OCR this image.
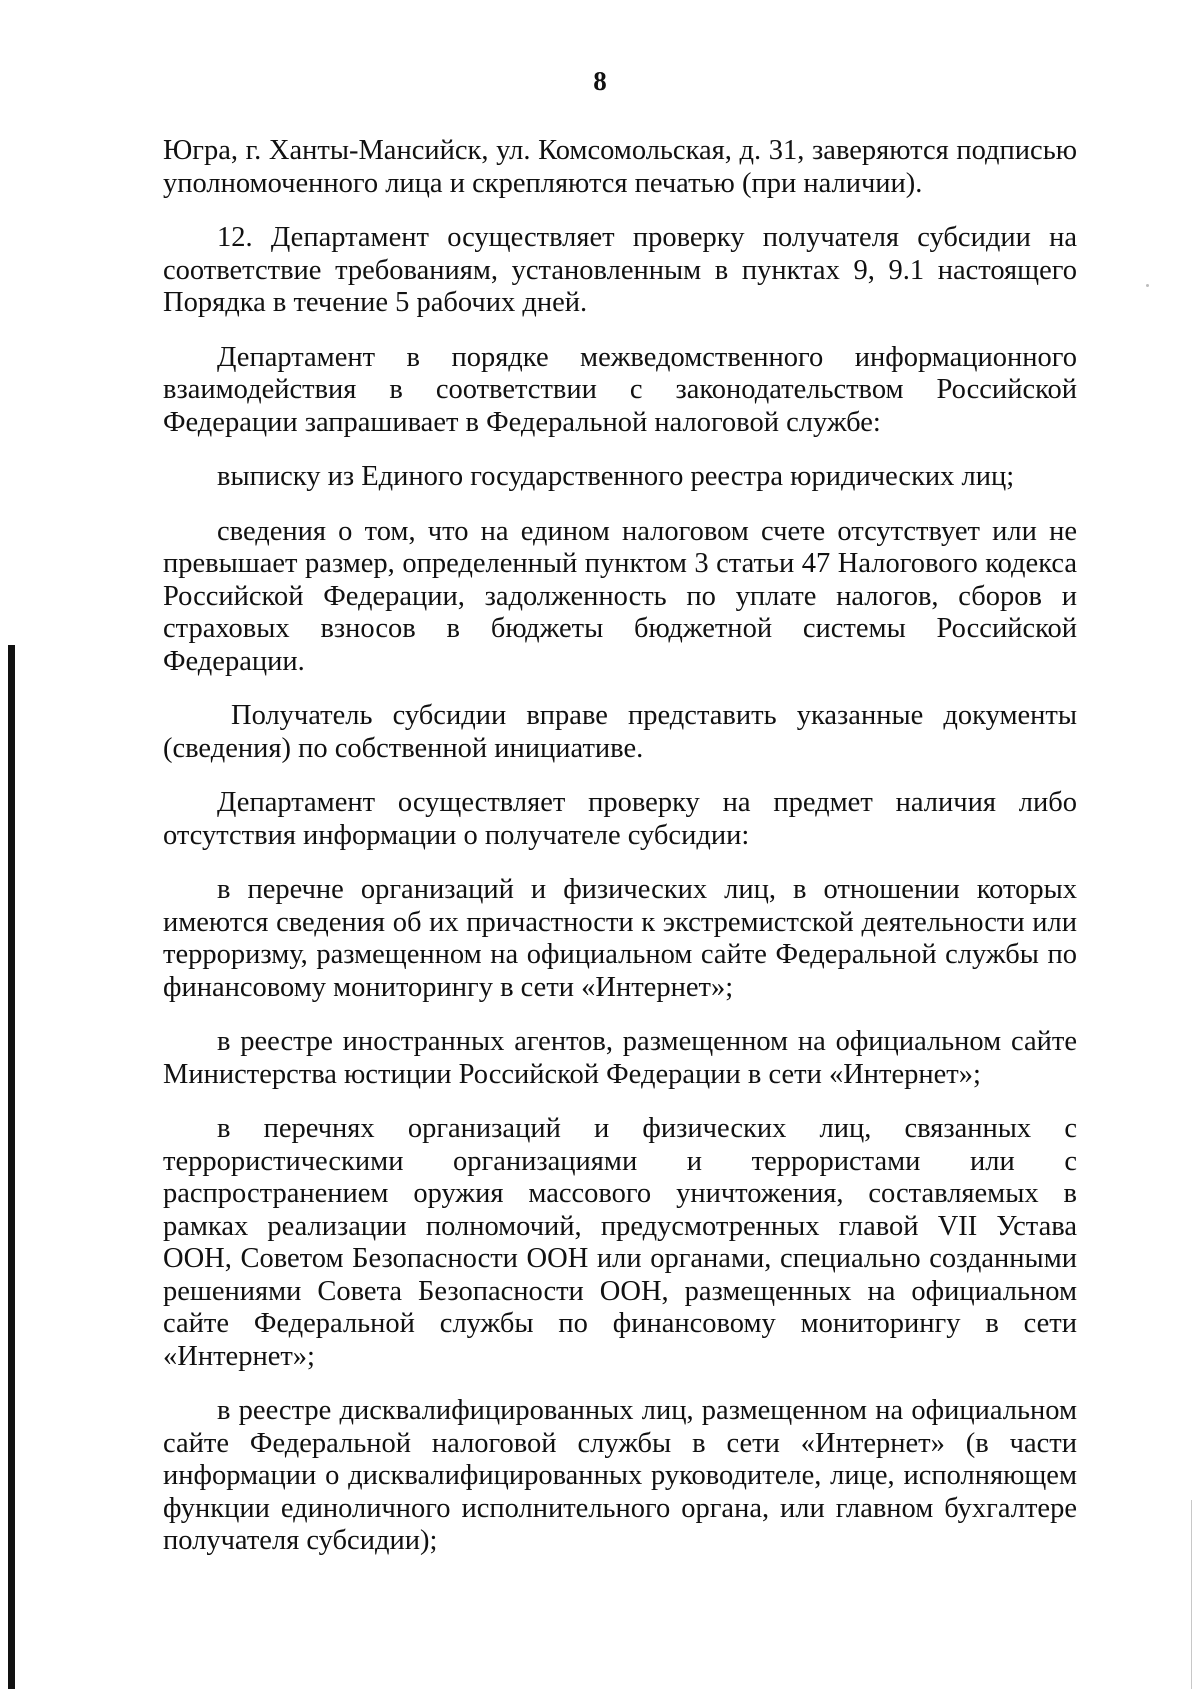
8

Югра, г. Ханты-Мансийск, ул. Комсомольская, д. 31, заверяются подписью уполномоченного лица и скрепляются печатью (при наличии).

12. Департамент осуществляет проверку получателя субсидии на соответствие требованиям, установленным в пунктах 9, 9.1 настоящего Порядка в течение 5 рабочих дней.

Департамент в порядке межведомственного информационного взаимодействия в соответствии с законодательством Российской Федерации запрашивает в Федеральной налоговой службе:

выписку из Единого государственного реестра юридических лиц;

сведения о том, что на едином налоговом счете отсутствует или не превышает размер, определенный пунктом 3 статьи 47 Налогового кодекса Российской Федерации, задолженность по уплате налогов, сборов и страховых взносов в бюджеты бюджетной системы Российской Федерации.

Получатель субсидии вправе представить указанные документы (сведения) по собственной инициативе.

Департамент осуществляет проверку на предмет наличия либо отсутствия информации о получателе субсидии:

в перечне организаций и физических лиц, в отношении которых имеются сведения об их причастности к экстремистской деятельности или терроризму, размещенном на официальном сайте Федеральной службы по финансовому мониторингу в сети «Интернет»;

в реестре иностранных агентов, размещенном на официальном сайте Министерства юстиции Российской Федерации в сети «Интернет»;

в перечнях организаций и физических лиц, связанных с террористическими организациями и террористами или с распространением оружия массового уничтожения, составляемых в рамках реализации полномочий, предусмотренных главой VII Устава ООН, Советом Безопасности ООН или органами, специально созданными решениями Совета Безопасности ООН, размещенных на официальном сайте Федеральной службы по финансовому мониторингу в сети «Интернет»;

в реестре дисквалифицированных лиц, размещенном на официальном сайте Федеральной налоговой службы в сети «Интернет» (в части информации о дисквалифицированных руководителе, лице, исполняющем функции единоличного исполнительного органа, или главном бухгалтере получателя субсидии);
